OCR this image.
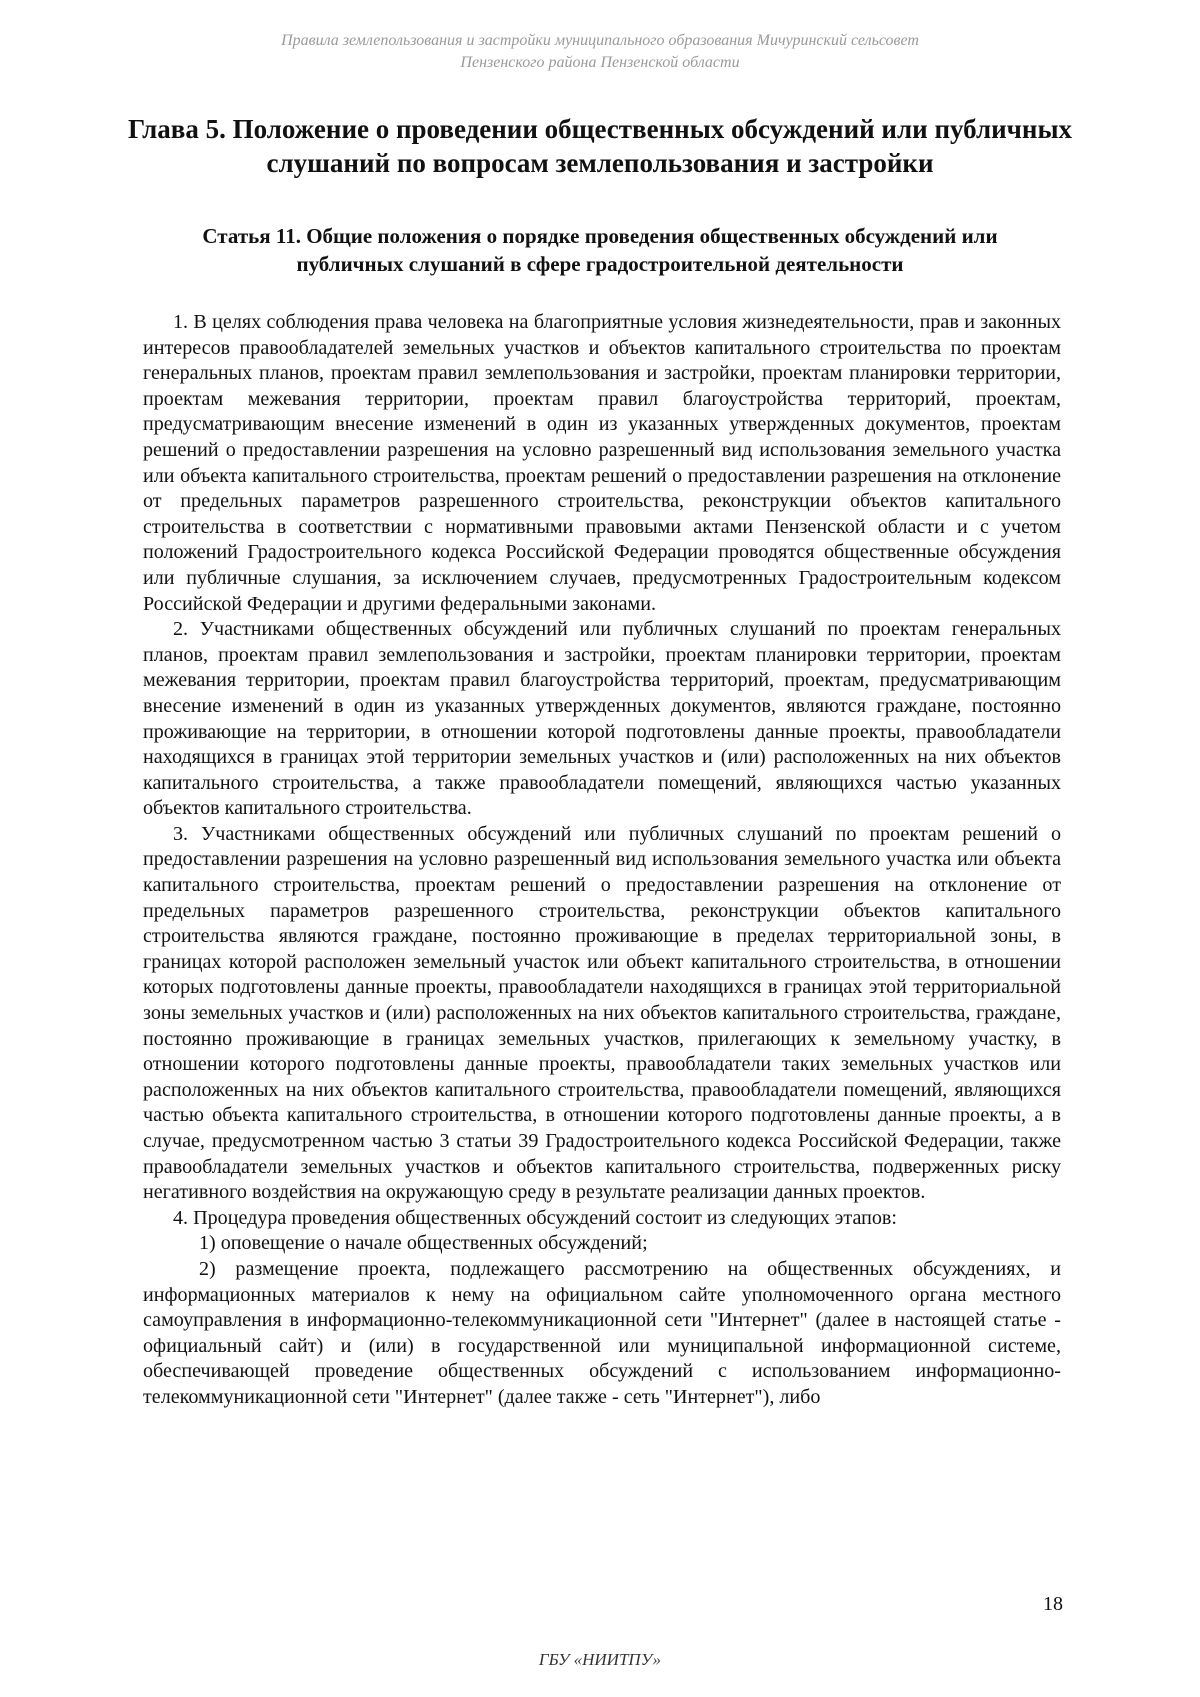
Правила землепользования и застройки муниципального образования Мичуринский сельсовет
Пензенского района Пензенской области
Глава 5. Положение о проведении общественных обсуждений или публичных
слушаний по вопросам землепользования и застройки
Статья 11. Общие положения о порядке проведения общественных обсуждений или
публичных слушаний в сфере градостроительной деятельности

1. В целях соблюдения права человека на благоприятные условия жизнедеятельности, прав и законных интересов правообладателей земельных участков и объектов капитального строительства по проектам генеральных планов, проектам правил землепользования и застройки, проектам планировки территории, проектам межевания территории, проектам правил благоустройства территорий, проектам, предусматривающим внесение изменений в один из указанных утвержденных документов, проектам решений о предоставлении разрешения на условно разрешенный вид использования земельного участка или объекта капитального строительства, проектам решений о предоставлении разрешения на отклонение от предельных параметров разрешенного строительства, реконструкции объектов капитального строительства в соответствии с нормативными правовыми актами Пензенской области и с учетом положений Градостроительного кодекса Российской Федерации проводятся общественные обсуждения или публичные слушания, за исключением случаев, предусмотренных Градостроительным кодексом Российской Федерации и другими федеральными законами.

2. Участниками общественных обсуждений или публичных слушаний по проектам генеральных планов, проектам правил землепользования и застройки, проектам планировки территории, проектам межевания территории, проектам правил благоустройства территорий, проектам, предусматривающим внесение изменений в один из указанных утвержденных документов, являются граждане, постоянно проживающие на территории, в отношении которой подготовлены данные проекты, правообладатели находящихся в границах этой территории земельных участков и (или) расположенных на них объектов капитального строительства, а также правообладатели помещений, являющихся частью указанных объектов капитального строительства.

3. Участниками общественных обсуждений или публичных слушаний по проектам решений о предоставлении разрешения на условно разрешенный вид использования земельного участка или объекта капитального строительства, проектам решений о предоставлении разрешения на отклонение от предельных параметров разрешенного строительства, реконструкции объектов капитального строительства являются граждане, постоянно проживающие в пределах территориальной зоны, в границах которой расположен земельный участок или объект капитального строительства, в отношении которых подготовлены данные проекты, правообладатели находящихся в границах этой территориальной зоны земельных участков и (или) расположенных на них объектов капитального строительства, граждане, постоянно проживающие в границах земельных участков, прилегающих к земельному участку, в отношении которого подготовлены данные проекты, правообладатели таких земельных участков или расположенных на них объектов капитального строительства, правообладатели помещений, являющихся частью объекта капитального строительства, в отношении которого подготовлены данные проекты, а в случае, предусмотренном частью 3 статьи 39 Градостроительного кодекса Российской Федерации, также правообладатели земельных участков и объектов капитального строительства, подверженных риску негативного воздействия на окружающую среду в результате реализации данных проектов.

4. Процедура проведения общественных обсуждений состоит из следующих этапов:

1) оповещение о начале общественных обсуждений;

2) размещение проекта, подлежащего рассмотрению на общественных обсуждениях, и информационных материалов к нему на официальном сайте уполномоченного органа местного самоуправления в информационно-телекоммуникационной сети "Интернет" (далее в настоящей статье - официальный сайт) и (или) в государственной или муниципальной информационной системе, обеспечивающей проведение общественных обсуждений с использованием информационно-телекоммуникационной сети "Интернет" (далее также - сеть "Интернет"), либо

18
ГБУ «НИИТПУ»
